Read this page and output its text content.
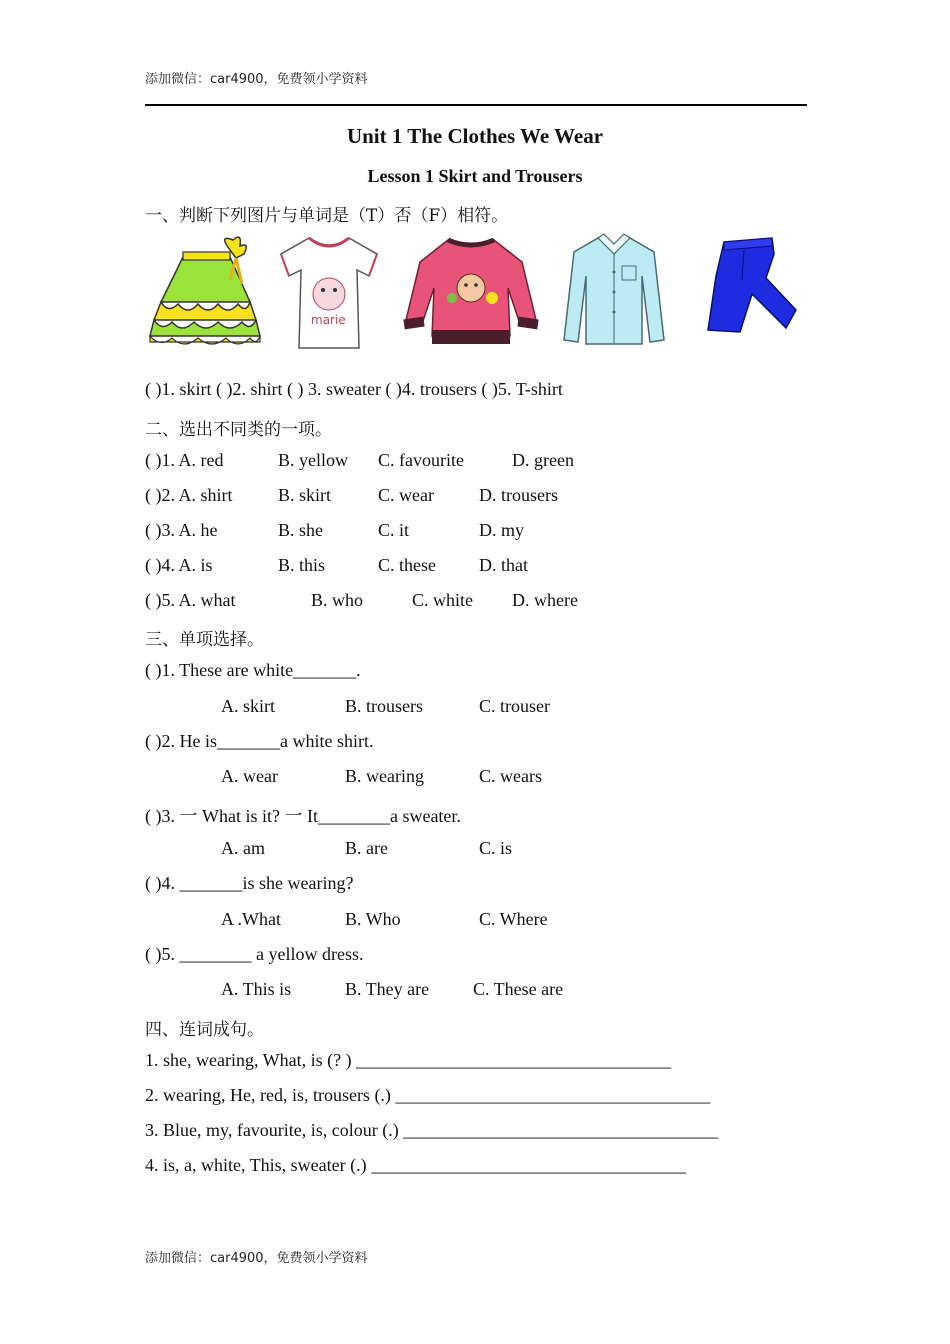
添加微信：car4900，免费领小学资料
Unit 1 The Clothes We Wear
Lesson 1 Skirt and Trousers
一、判断下列图片与单词是（T）否（F）相符。
marie
( )1. skirt ( )2. shirt ( ) 3. sweater ( )4. trousers ( )5. T-shirt
二、选出不同类的一项。
( )1. A. red	B. yellow C. favourite	D. green
( )2. A. shirt	B. skirt	C. wear	D. trousers
( )3. A. he	B. she	C. it	D. my
( )4. A. is	B. this	C. these D. that
( )5. A. what	B. who	C. white D. where
三、单项选择。
( )1. These are white_______.
A. skirt	B. trousers	C. trouser
( )2. He is_______a white shirt.
A. wear	B. wearing	C. wears
( )3. 一 What is it? 一 It________a sweater.
A. am	B. are	C. is
( )4. _______is she wearing?
A .What	B. Who	C. Where
( )5. ________ a yellow dress.
A. This is	B. They are C. These are
四、连词成句。
1. she, wearing, What, is (? ) ___________________________________
2. wearing, He, red, is, trousers (.) ___________________________________
3. Blue, my, favourite, is, colour (.) ___________________________________
4. is, a, white, This, sweater (.) ___________________________________
添加微信：car4900，免费领小学资料
